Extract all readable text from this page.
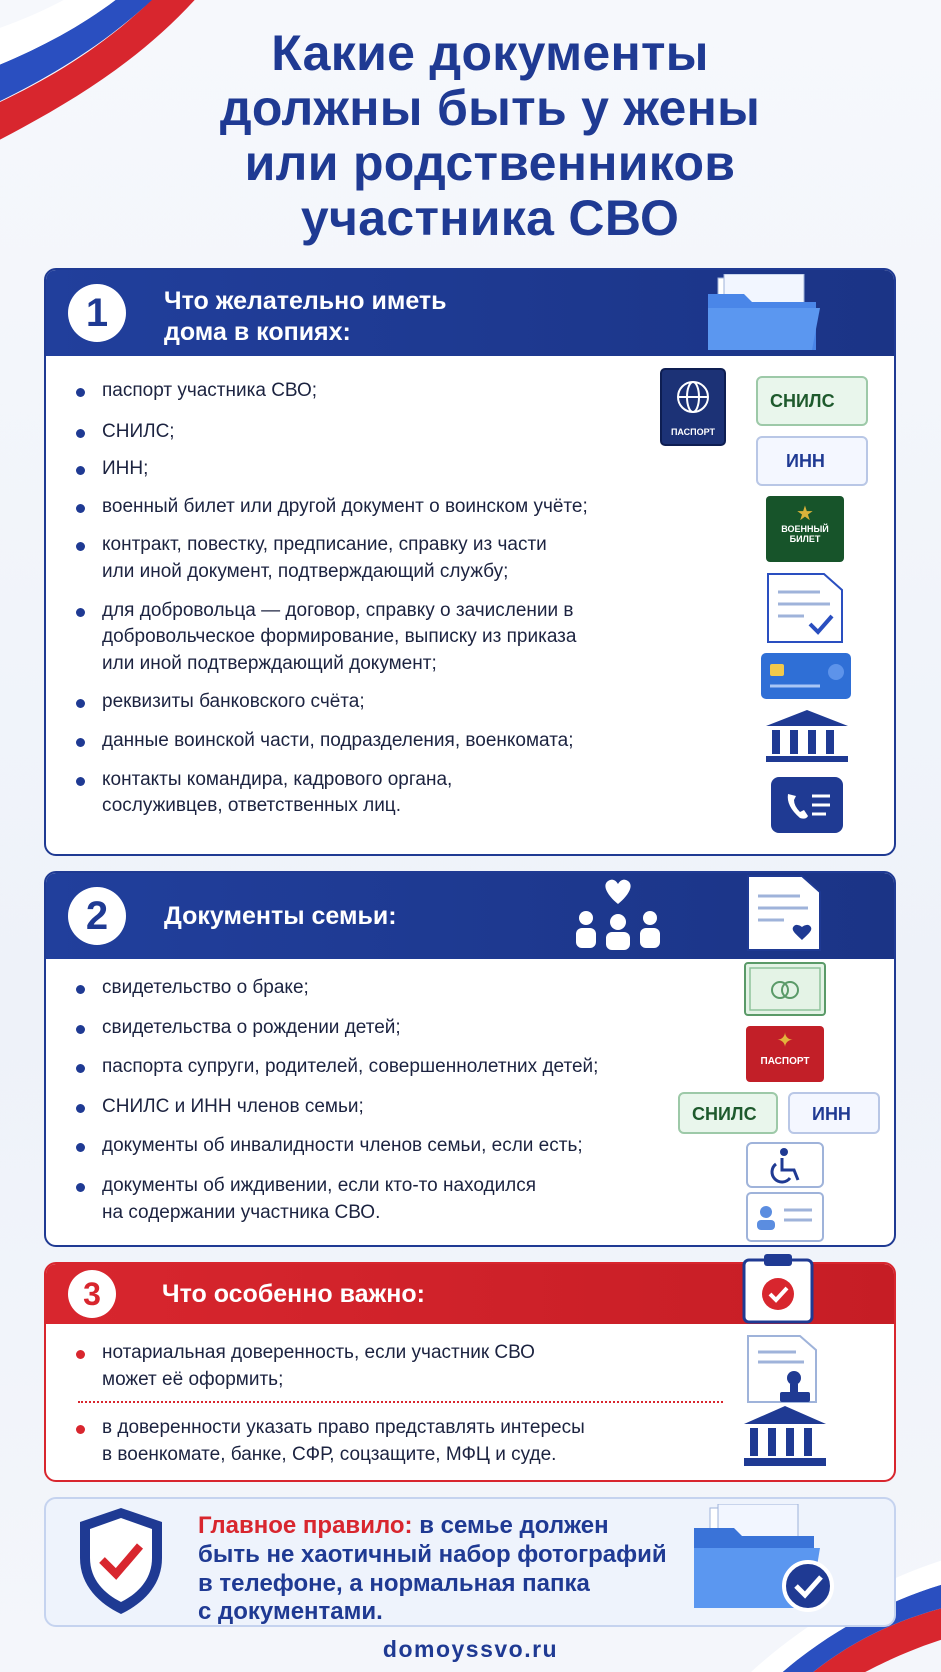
Какие документы должны быть у жены или родственников участника СВО
1	Что желательно иметь
дома в копиях:
паспорт участника СВО;
СНИЛС;
ИНН;
военный билет или другой документ о воинском учёте;
контракт, повестку, предписание, справку из части
или иной документ, подтверждающий службу;
для добровольца — договор, справку о зачислении в
добровольческое формирование, выписку из приказа
или иной подтверждающий документ;
реквизиты банковского счёта;
данные воинской части, подразделения, военкомата;
контакты командира, кадрового органа,
сослуживцев, ответственных лиц.
ПАСПОРТ
СНИЛС
ИНН
★
ВОЕННЫЙ
БИЛЕТ
2	Документы семьи:
свидетельство о браке;
свидетельства о рождении детей;
паспорта супруги, родителей, совершеннолетних детей;
СНИЛС и ИНН членов семьи;
документы об инвалидности членов семьи, если есть;
документы об иждивении, если кто-то находился
на содержании участника СВО.
✦
ПАСПОРТ
СНИЛС	ИНН
3	Что особенно важно:
нотариальная доверенность, если участник СВО
может её оформить;
в доверенности указать право представлять интересы
в военкомате, банке, СФР, соцзащите, МФЦ и суде.
Главное правило: в семье должен
быть не хаотичный набор фотографий
в телефоне, а нормальная папка
с документами.
domoyssvo.ru
